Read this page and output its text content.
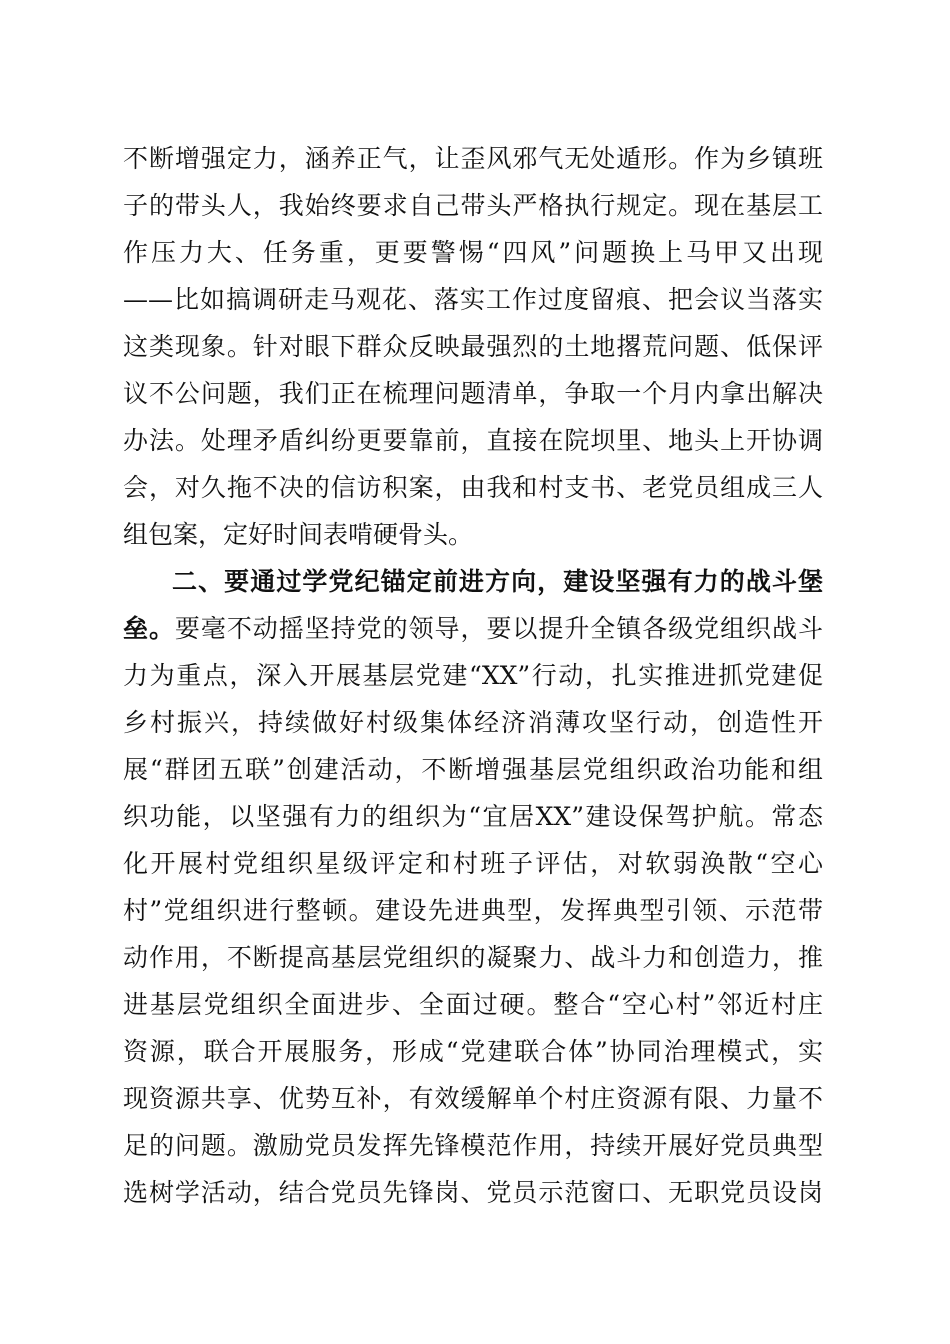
不断增强定力，涵养正气，让歪风邪气无处遁形。作为乡镇班
子的带头人，我始终要求自己带头严格执行规定。现在基层工
作压力大、任务重，更要警惕“四风”问题换上马甲又出现
——比如搞调研走马观花、落实工作过度留痕、把会议当落实
这类现象。针对眼下群众反映最强烈的土地撂荒问题、低保评
议不公问题，我们正在梳理问题清单，争取一个月内拿出解决
办法。处理矛盾纠纷更要靠前，直接在院坝里、地头上开协调
会，对久拖不决的信访积案，由我和村支书、老党员组成三人
组包案，定好时间表啃硬骨头。
二、要通过学党纪锚定前进方向，建设坚强有力的战斗堡
垒。要毫不动摇坚持党的领导，要以提升全镇各级党组织战斗
力为重点，深入开展基层党建“XX”行动，扎实推进抓党建促
乡村振兴，持续做好村级集体经济消薄攻坚行动，创造性开
展“群团五联”创建活动，不断增强基层党组织政治功能和组
织功能，以坚强有力的组织为“宜居XX”建设保驾护航。常态
化开展村党组织星级评定和村班子评估，对软弱涣散“空心
村”党组织进行整顿。建设先进典型，发挥典型引领、示范带
动作用，不断提高基层党组织的凝聚力、战斗力和创造力，推
进基层党组织全面进步、全面过硬。整合“空心村”邻近村庄
资源，联合开展服务，形成“党建联合体”协同治理模式，实
现资源共享、优势互补，有效缓解单个村庄资源有限、力量不
足的问题。激励党员发挥先锋模范作用，持续开展好党员典型
选树学活动，结合党员先锋岗、党员示范窗口、无职党员设岗
